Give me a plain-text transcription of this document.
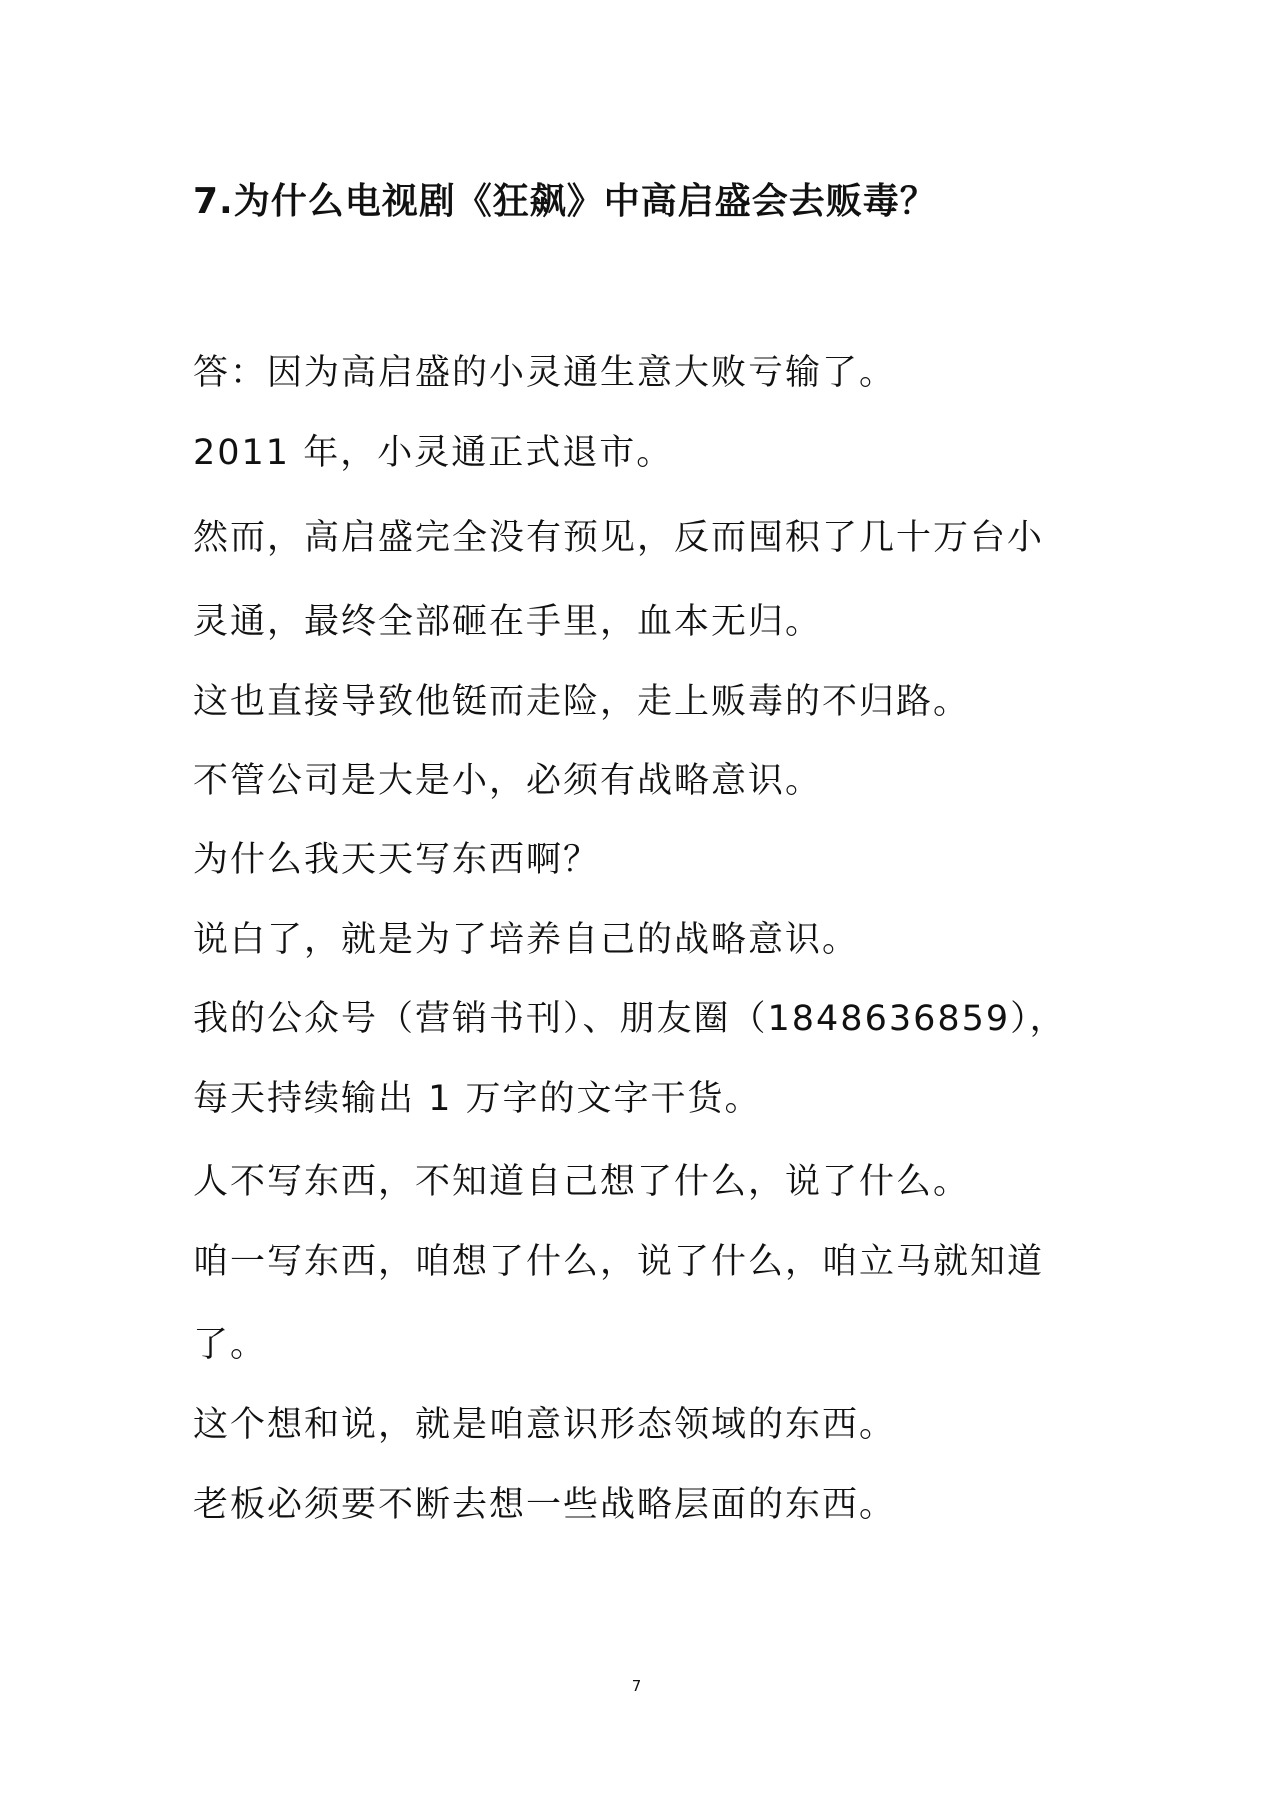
7.为什么电视剧《狂飙》中高启盛会去贩毒？
答：因为高启盛的小灵通生意大败亏输了。
2011 年，小灵通正式退市。
然而，高启盛完全没有预见，反而囤积了几十万台小
灵通，最终全部砸在手里，血本无归。
这也直接导致他铤而走险，走上贩毒的不归路。
不管公司是大是小，必须有战略意识。
为什么我天天写东西啊？
说白了，就是为了培养自己的战略意识。
我的公众号（营销书刊）、朋友圈（1848636859），
每天持续输出 1 万字的文字干货。
人不写东西，不知道自己想了什么，说了什么。
咱一写东西，咱想了什么，说了什么，咱立马就知道
了。
这个想和说，就是咱意识形态领域的东西。
老板必须要不断去想一些战略层面的东西。
7
